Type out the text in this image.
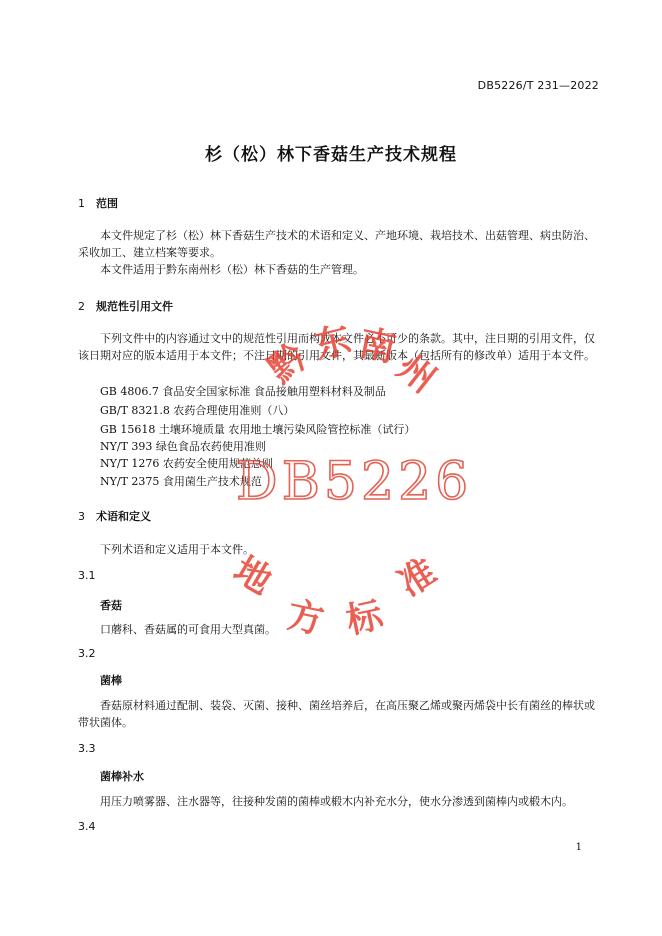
DB5226/T 231—2022
杉（松）林下香菇生产技术规程
1 范围

本文件规定了杉（松）林下香菇生产技术的术语和定义、产地环境、栽培技术、出菇管理、病虫防治、采收加工、建立档案等要求。

本文件适用于黔东南州杉（松）林下香菇的生产管理。

2 规范性引用文件

下列文件中的内容通过文中的规范性引用而构成本文件必不可少的条款。其中，注日期的引用文件，仅该日期对应的版本适用于本文件；不注日期的引用文件，其最新版本（包括所有的修改单）适用于本文件。

GB 4806.7 食品安全国家标准 食品接触用塑料材料及制品
GB/T 8321.8 农药合理使用准则（八）
GB 15618 土壤环境质量 农用地土壤污染风险管控标准（试行）
NY/T 393 绿色食品农药使用准则
NY/T 1276 农药安全使用规范总则
NY/T 2375 食用菌生产技术规范
3 术语和定义

下列术语和定义适用于本文件。

3.1
香菇

口蘑科、香菇属的可食用大型真菌。

3.2
菌棒

香菇原材料通过配制、装袋、灭菌、接种、菌丝培养后，在高压聚乙烯或聚丙烯袋中长有菌丝的棒状或带状菌体。

3.3
菌棒补水

用压力喷雾器、注水器等，往接种发菌的菌棒或椴木内补充水分，使水分渗透到菌棒内或椴木内。

3.4
1
黔
东 南
州
DB5226
地
方 标
准
